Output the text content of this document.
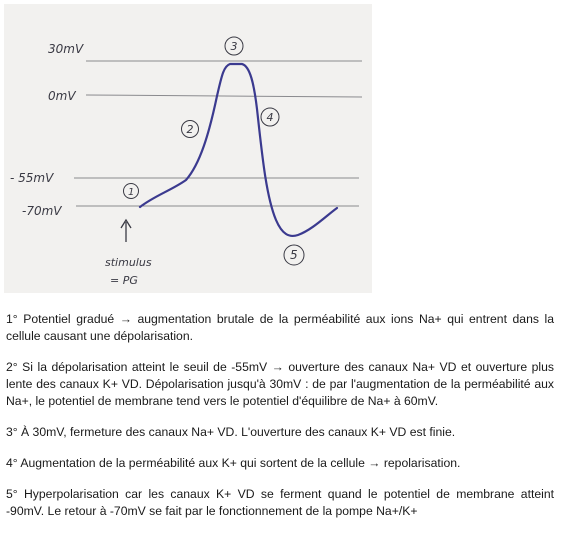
30mV
0mV
- 55mV
-70mV
1
2
3
4
5
stimulus
= PG

1° Potentiel gradué → augmentation brutale de la perméabilité aux ions Na+ qui entrent dans la cellule causant une dépolarisation.

2° Si la dépolarisation atteint le seuil de -55mV → ouverture des canaux Na+ VD et ouverture plus lente des canaux K+ VD. Dépolarisation jusqu'à 30mV : de par l'augmentation de la perméabilité aux Na+, le potentiel de membrane tend vers le potentiel d'équilibre de Na+ à 60mV.

3° À 30mV, fermeture des canaux Na+ VD. L'ouverture des canaux K+ VD est finie.

4° Augmentation de la perméabilité aux K+ qui sortent de la cellule → repolarisation.

5° Hyperpolarisation car les canaux K+ VD se ferment quand le potentiel de membrane atteint -90mV. Le retour à -70mV se fait par le fonctionnement de la pompe Na+/K+
